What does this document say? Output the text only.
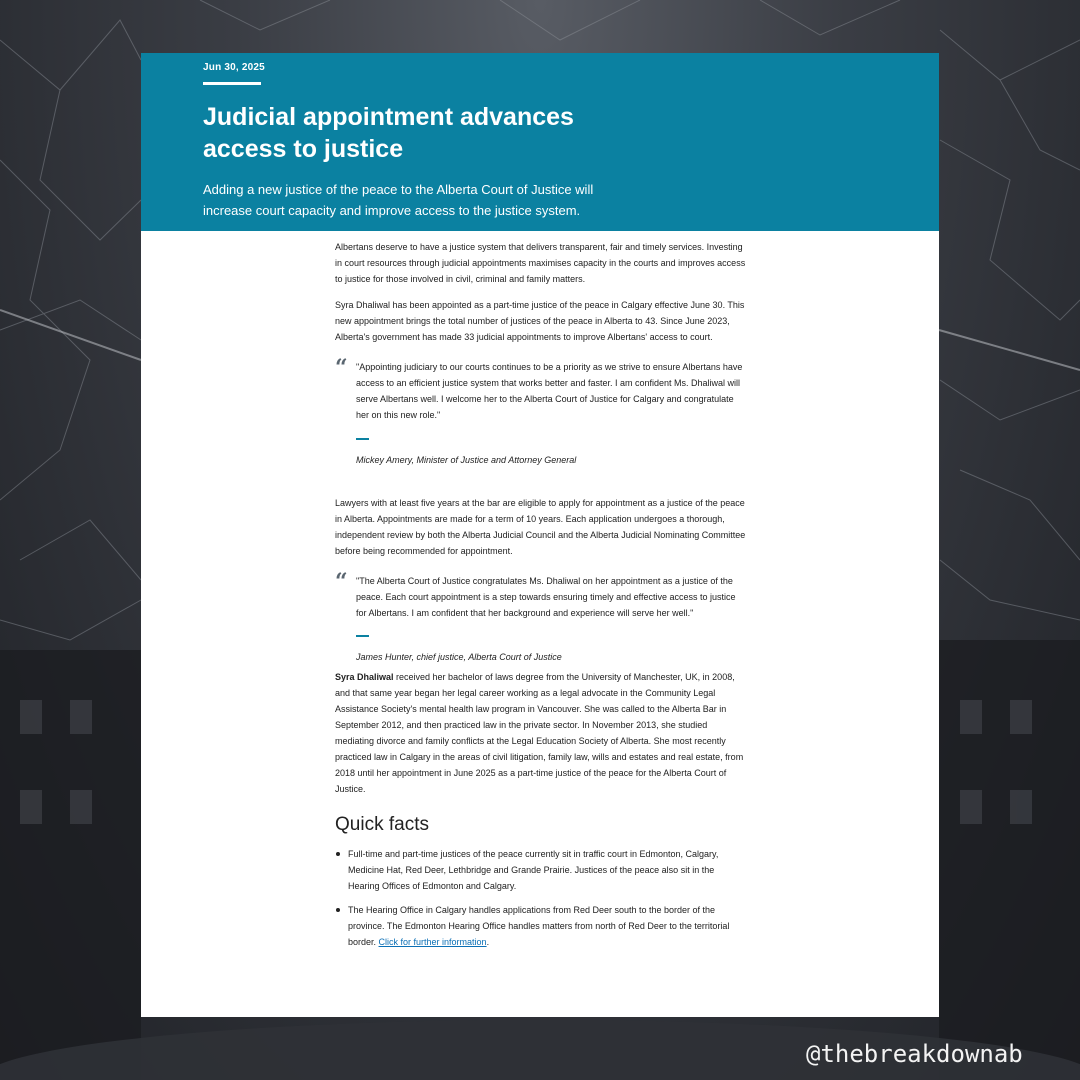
Jun 30, 2025
Judicial appointment advances
access to justice

Adding a new justice of the peace to the Alberta Court of Justice will increase court capacity and improve access to the justice system.

Albertans deserve to have a justice system that delivers transparent, fair and timely services. Investing in court resources through judicial appointments maximises capacity in the courts and improves access to justice for those involved in civil, criminal and family matters.

Syra Dhaliwal has been appointed as a part-time justice of the peace in Calgary effective June 30. This new appointment brings the total number of justices of the peace in Alberta to 43. Since June 2023, Alberta's government has made 33 judicial appointments to improve Albertans' access to court.

“ "Appointing judiciary to our courts continues to be a priority as we strive to ensure Albertans have access to an efficient justice system that works better and faster. I am confident Ms. Dhaliwal will serve Albertans well. I welcome her to the Alberta Court of Justice for Calgary and congratulate her on this new role."

Mickey Amery, Minister of Justice and Attorney General

Lawyers with at least five years at the bar are eligible to apply for appointment as a justice of the peace in Alberta. Appointments are made for a term of 10 years. Each application undergoes a thorough, independent review by both the Alberta Judicial Council and the Alberta Judicial Nominating Committee before being recommended for appointment.

“ "The Alberta Court of Justice congratulates Ms. Dhaliwal on her appointment as a justice of the peace. Each court appointment is a step towards ensuring timely and effective access to justice for Albertans. I am confident that her background and experience will serve her well."

James Hunter, chief justice, Alberta Court of Justice

Syra Dhaliwal received her bachelor of laws degree from the University of Manchester, UK, in 2008, and that same year began her legal career working as a legal advocate in the Community Legal Assistance Society's mental health law program in Vancouver. She was called to the Alberta Bar in September 2012, and then practiced law in the private sector. In November 2013, she studied mediating divorce and family conflicts at the Legal Education Society of Alberta. She most recently practiced law in Calgary in the areas of civil litigation, family law, wills and estates and real estate, from 2018 until her appointment in June 2025 as a part-time justice of the peace for the Alberta Court of Justice.

Quick facts
Full-time and part-time justices of the peace currently sit in traffic court in Edmonton, Calgary, Medicine Hat, Red Deer, Lethbridge and Grande Prairie. Justices of the peace also sit in the Hearing Offices of Edmonton and Calgary.
The Hearing Office in Calgary handles applications from Red Deer south to the border of the province. The Edmonton Hearing Office handles matters from north of Red Deer to the territorial border. Click for further information.
@thebreakdownab
